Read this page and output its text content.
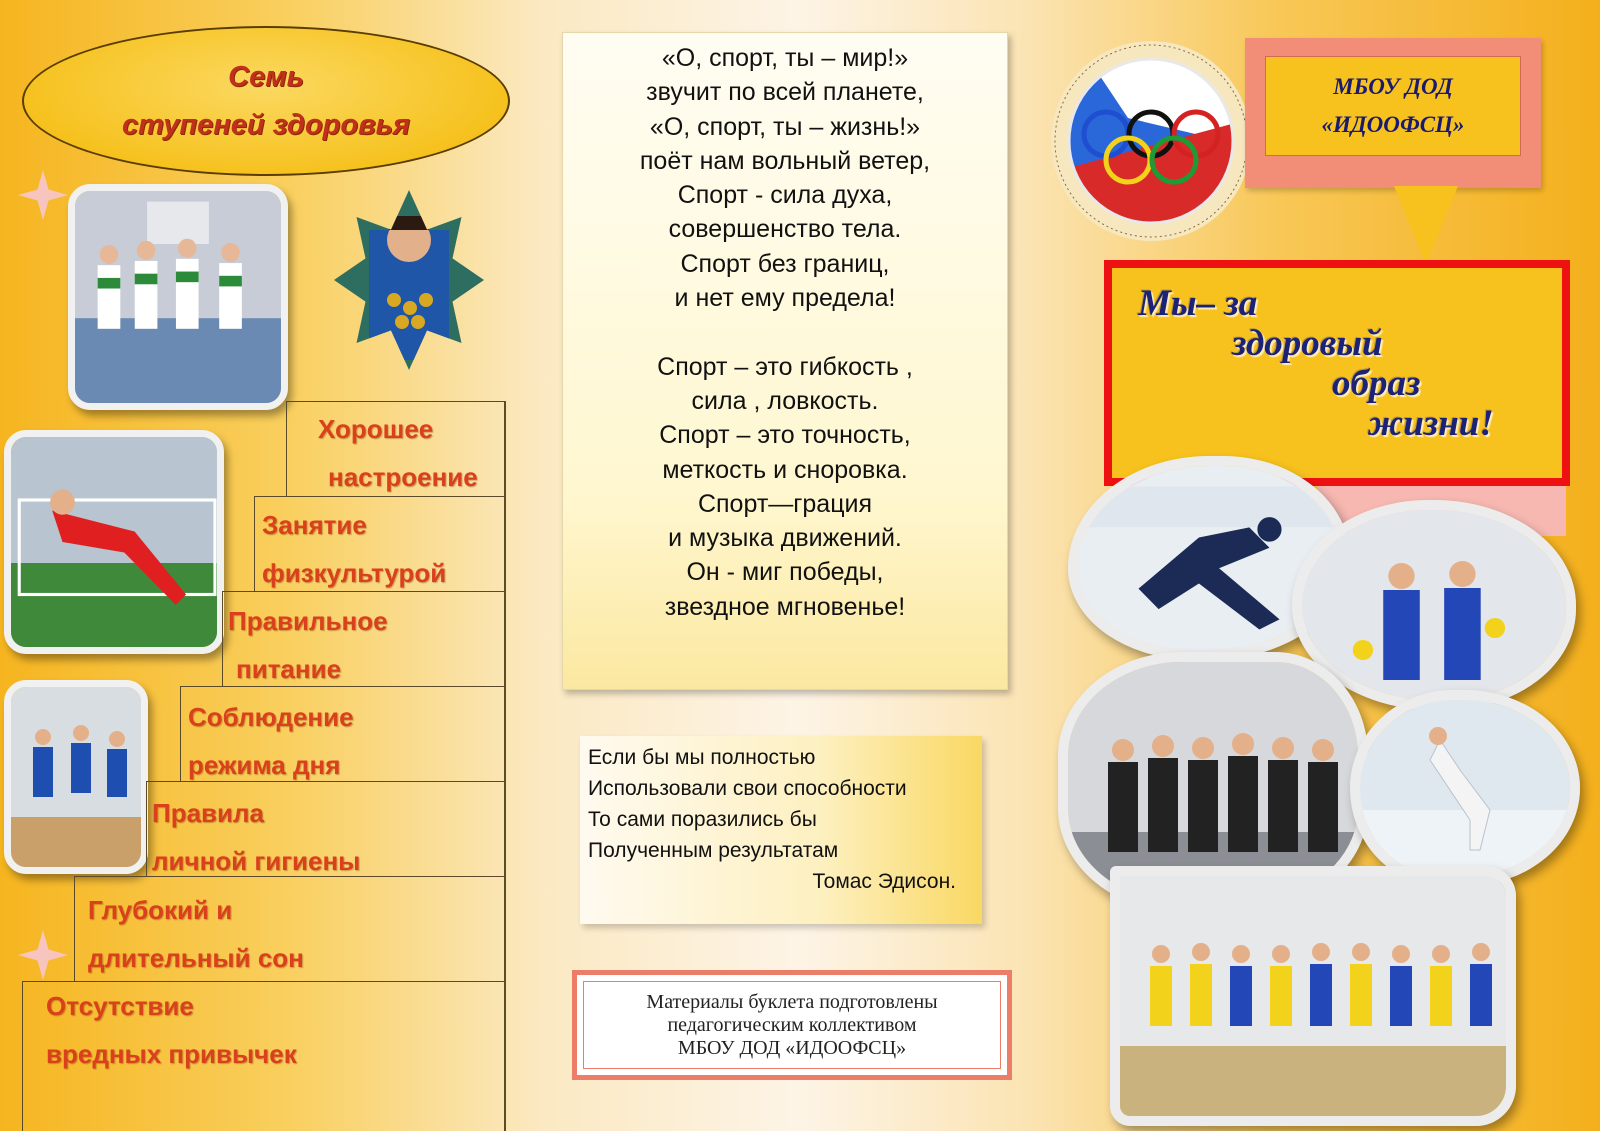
Семь
ступеней здоровья
Хорошее
настроение
Занятие
физкультурой
Правильное
питание
Соблюдение
режима дня
Правила
личной гигиены
Глубокий и
длительный сон
Отсутствие
вредных привычек
«О, спорт, ты – мир!»
звучит по всей планете,
«О, спорт, ты – жизнь!»
поёт нам вольный ветер,
Спорт - сила духа,
совершенство тела.
Спорт без границ,
и нет ему предела!
Спорт – это гибкость ,
сила , ловкость.
Спорт – это точность,
меткость и сноровка.
Спорт—грация
и музыка движений.
Он - миг победы,
звездное мгновенье!
Если бы мы полностью
Использовали свои способности
То сами поразились бы
Полученным результатам
Томас Эдисон.
Материалы буклета подготовлены
педагогическим коллективом
МБОУ ДОД «ИДООФСЦ»
МБОУ ДОД
«ИДООФСЦ»
Мы– за
здоровый
образ
жизни!
